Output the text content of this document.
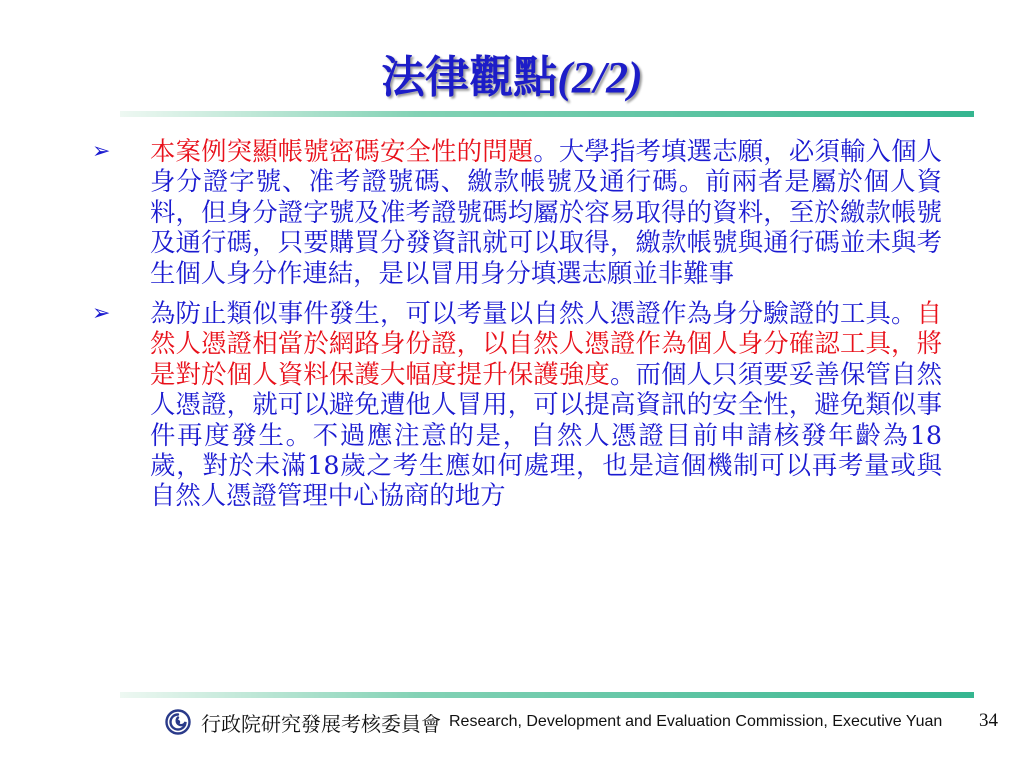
法律觀點(2/2)
➢ 本案例突顯帳號密碼安全性的問題。大學指考填選志願，必須輸入個人身分證字號、准考證號碼、繳款帳號及通行碼。前兩者是屬於個人資料，但身分證字號及准考證號碼均屬於容易取得的資料，至於繳款帳號及通行碼，只要購買分發資訊就可以取得，繳款帳號與通行碼並未與考生個人身分作連結，是以冒用身分填選志願並非難事
➢ 為防止類似事件發生，可以考量以自然人憑證作為身分驗證的工具。自然人憑證相當於網路身份證，以自然人憑證作為個人身分確認工具，將是對於個人資料保護大幅度提升保護強度。而個人只須要妥善保管自然人憑證，就可以避免遭他人冒用，可以提高資訊的安全性，避免類似事件再度發生。不過應注意的是，自然人憑證目前申請核發年齡為18 歲，對於未滿18歲之考生應如何處理，也是這個機制可以再考量或與自然人憑證管理中心協商的地方
行政院研究發展考核委員會 Research, Development and Evaluation Commission, Executive Yuan	34
